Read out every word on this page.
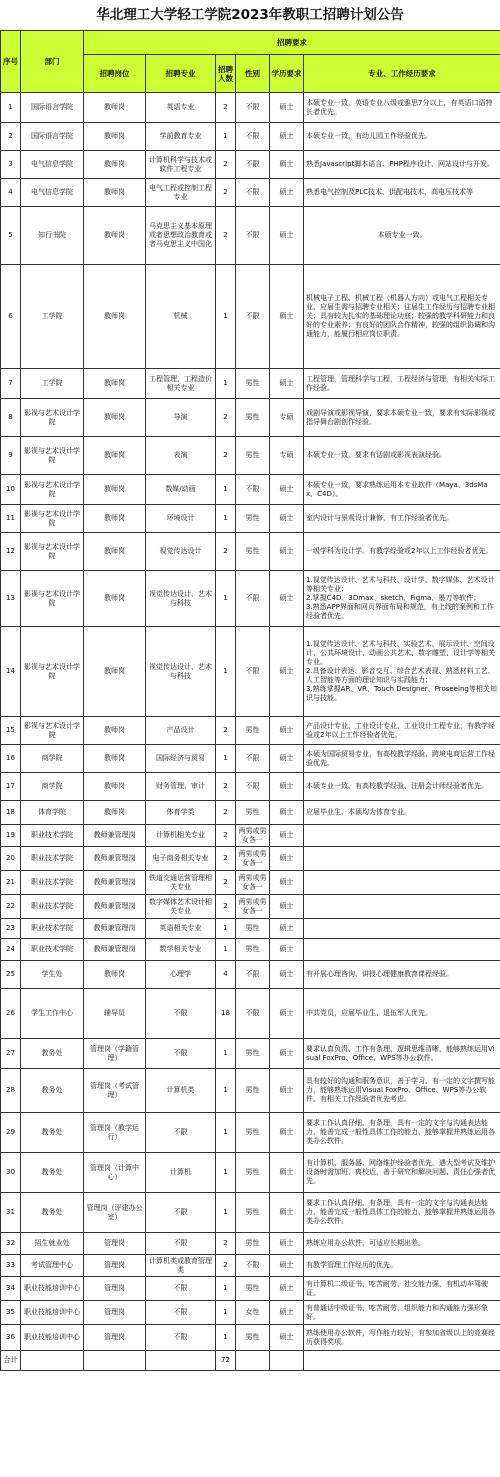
华北理工大学轻工学院2023年教职工招聘计划公告
序号	部门	招聘要求					
		招聘岗位	招聘专业	招聘人数	性别	学历要求	专业、工作经历要求
1	国际语言学院	教师岗	英语专业	2	不限	硕士	本硕专业一致，英语专业八级或雅思7分以上，有英语口语特长者优先。
2	国际语言学院	教师岗	学前教育专业	1	不限	硕士	本硕专业一致，有幼儿园工作经验优先。
3	电气信息学院	教师岗	计算机科学与技术或软件工程专业	2	不限	硕士	熟悉Javascript脚本语言、PHP程序设计、网站设计与开发。
4	电气信息学院	教师岗	电气工程或控制工程专业	2	不限	硕士	熟悉电气控制及PLC技术、供配电技术、高电压技术等
5	知行书院	教师岗	马克思主义基本原理或者思想政治教育或者马克思主义中国化	2	不限	硕士	本硕专业一致。
6	工学院	教师岗	机械	1	不限	硕士	机械电子工程、机械工程（机器人方向）或电气工程相关专业，应届生需与招聘专业相关；往届生工作经历与招聘专业相关；具有较为扎实的基础理论功底；较强的教学科研能力和良好的专业素养；有良好的团队合作精神，较强的组织协调和沟通能力，能履行相应岗位职责。
7	工学院	教师岗	工程管理，工程造价相关专业	1	男性	硕士	工程管理，管理科学与工程，工程经济与管理，有相关实际工作经验。
8	影视与艺术设计学院	教师岗	导演	2	男性	专硕	戏剧导演或影视导演，要求本硕专业一致，要求有实际影视或指导舞台剧创作经验。
9	影视与艺术设计学院	教师岗	表演	2	男性	专硕	本硕专业一致，要求有话剧或影视表演经验。
10	影视与艺术设计学院	教师岗	数媒/动画	1	不限	硕士	本硕专业一致，要求熟练运用本专业软件（Maya、3dsMax、C4D）。
11	影视与艺术设计学院	教师岗	环境设计	1	男性	硕士	室内设计与景观设计兼修，有工作经验者优先。
12	影视与艺术设计学院	教师岗	视觉传达设计	2	男性	硕士	一级学科为设计学。有教学经验或2年以上工作经验者优先。
13	影视与艺术设计学院	教师岗	视觉传达设计、艺术与科技	1	不限	硕士	1.视觉传达设计、艺术与科技、设计学、数字媒体、艺术设计等相关专业；
2.掌握C4D、3Dmax、sketch、Figma、墨刀等软件；
3.熟悉APP界面和网页界面布局和规范，有上线的案例和工作经验者优先。
14	影视与艺术设计学院	教师岗	视觉传达设计、艺术与科技	1	不限	硕士	1.视觉传达设计、艺术与科技、实验艺术、展示设计、空间设计、公共环境设计、动画公共艺术、数字雕塑、设计学等相关专业。
2.具备设计表达、影音交互、综合艺术表现、熟悉材料工艺、人工智能等方面的理论知识与实践能力；
3.熟练掌握AR、VR、Touch Designer、Proseeing等相关知识与技能。
15	影视与艺术设计学院	教师岗	产品设计	2	男性	硕士	产品设计专业、工业设计专业、工业设计工程专业，有教学经验或2年以上工作经验者优先。
16	商学院	教师岗	国际经济与贸易	1	不限	硕士	本硕为国际贸易专业，有高校教学经验、跨境电商运营工作经验优先。
17	商学院	教师岗	财务管理、审计	2	不限	硕士	本硕专业一致，有高校教学经验、注册会计师经验者优先。
18	体育学院	教师岗	体育学类	2	男性	硕士	应届毕业生，本硕均为体育专业。
19	职业技术学院	教师兼管理岗	计算机相关专业	2	两男或男女各一	硕士	
20	职业技术学院	教师兼管理岗	电子商务相关专业	2	两男或男女各一	硕士	
21	职业技术学院	教师兼管理岗	铁道交通运营管理相关专业	2	两男或男女各一	硕士	
22	职业技术学院	教师兼管理岗	数字媒体艺术设计相关专业	2	两男或男女各一	硕士	
23	职业技术学院	教师兼管理岗	英语相关专业	1	男性	硕士	
24	职业技术学院	教师兼管理岗	数学相关专业	1	男性	硕士	
25	学生处	教师岗	心理学	4	不限	硕士	有开展心理咨询、讲授心理健康教育课程经验。
26	学生工作中心	辅导员	不限	18	不限	硕士	中共党员，应届毕业生、退伍军人优先。
27	教务处	管理岗（学籍管理）	不限	1	男性	硕士	要求认真负责、工作有条理、逻辑思维清晰，能够熟练运用Visual FoxPro、Office、WPS等办公软件。
28	教务处	管理岗（考试管理）	计算机类	1	男性	硕士	具有较好的沟通和服务意识，善于学习、有一定的文字撰写能力，能够熟练运用Visual FoxPro、Office、WPS等办公软件。有相关工作经验者优先考虑。
29	教务处	管理岗（教学运行）	不限	1	男性	硕士	要求工作认真仔细、有条理，具有一定的文字与沟通表达能力，能善完成一般性具体工作的能力，能够掌握并熟练运用各类办公软件。
30	教务处	管理岗（计算中心）	计算机	1	男性	硕士	有计算机、服务器、网络维护经验者优先。遇大型考试及维护设备时需加班，离校近，善于研究和解决问题、责任心强者优先。
31	教务处	管理岗（评建办公室）	不限	1	男性	硕士	要求工作认真仔细、有条理，具有一定的文字与沟通表达能力，能善完成一般性具体工作的能力，能够掌握并熟练运用各类办公软件。
32	招生就业处	管理岗	不限	2	男性	硕士	熟练应用办公软件，可适应长期出差。
33	考试管理中心	管理岗	计算机类或教育管理类	2	不限	硕士	有教学管理工作经历的优先。
34	职业技能培训中心	管理岗	不限	1	男性	硕士	有计算机二级证书，吃苦耐劳，社交能力强，有机动车驾驶证。
35	职业技能培训中心	管理岗	不限	1	女性	硕士	有普通话中级证书，吃苦耐劳，组织能力和沟通能力强形象好。
36	职业技能培训中心	管理岗	不限	1	男性	硕士	熟练使用办公软件，写作能力较好，有参加省级以上的竞赛经历获得奖项。
合计				72			
